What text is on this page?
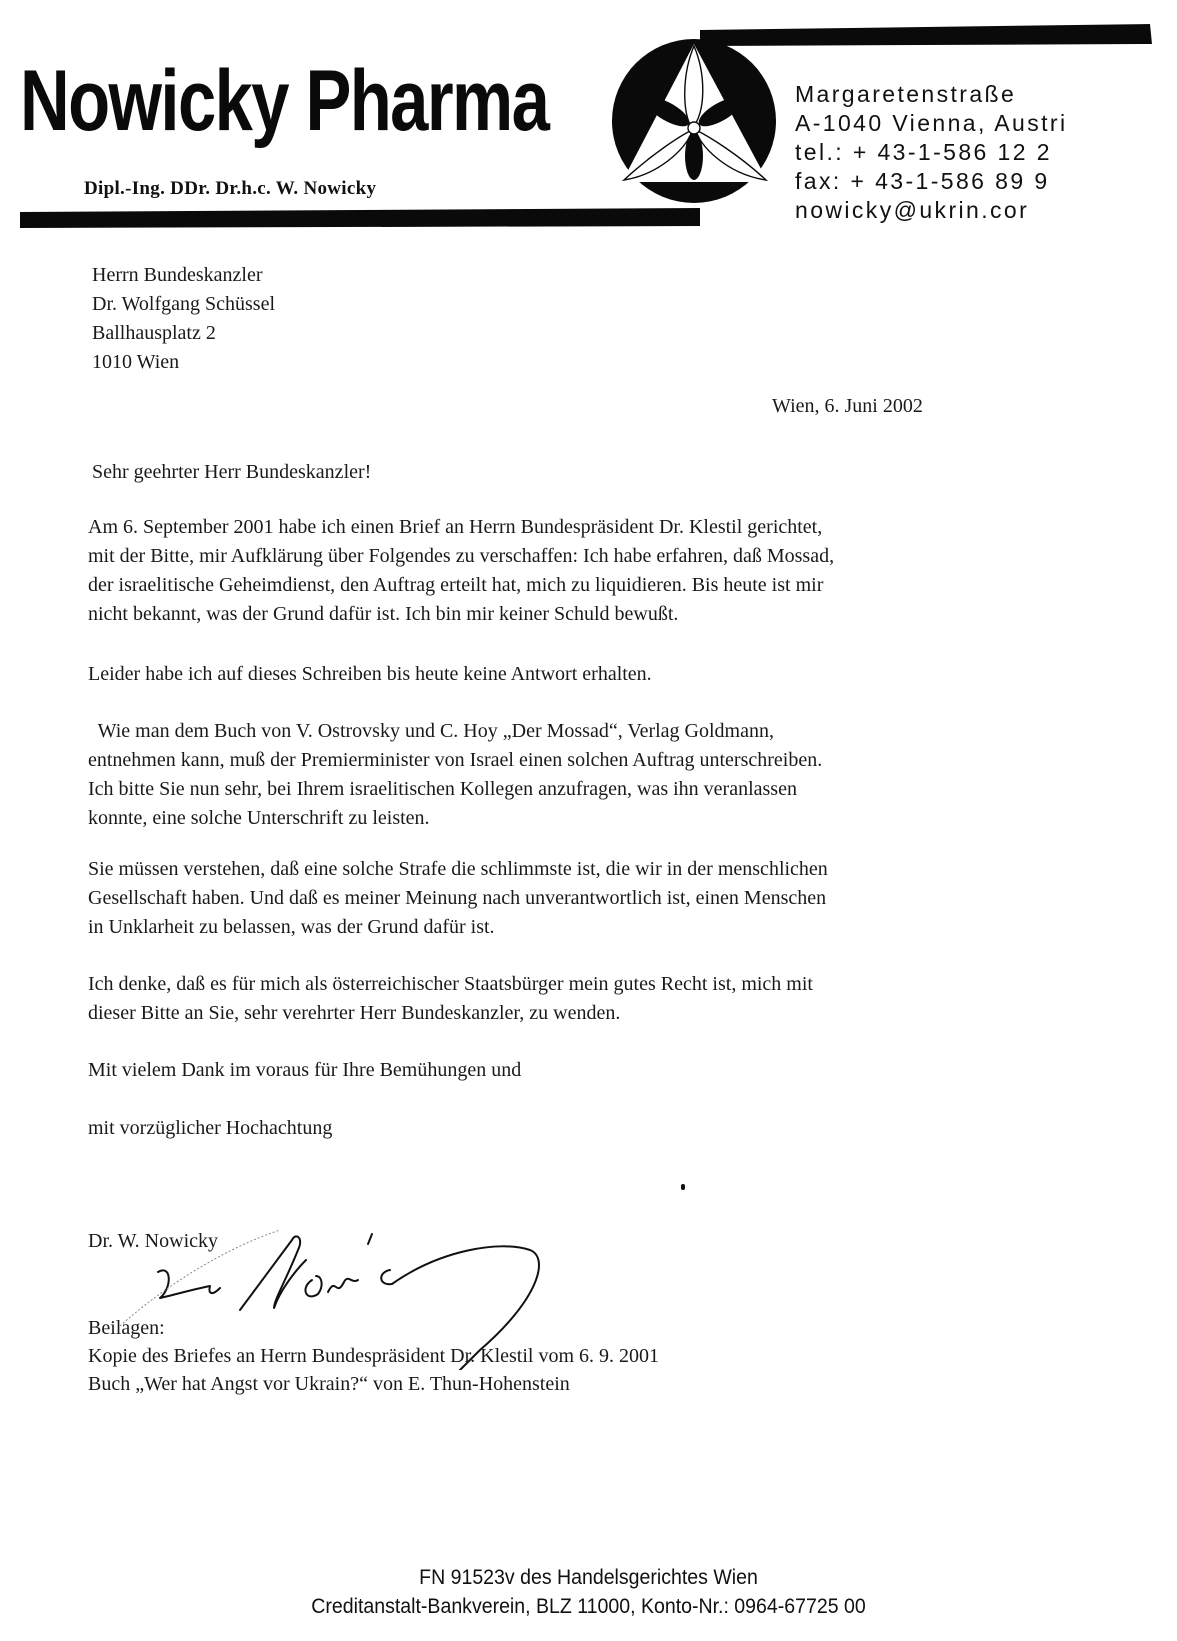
Nowicky Pharma
Dipl.-Ing. DDr. Dr.h.c. W. Nowicky
Margaretenstraße
A-1040 Vienna, Austri
tel.: + 43-1-586 12 2
fax: + 43-1-586 89 9
nowicky@ukrin.cor
Herrn Bundeskanzler
Dr. Wolfgang Schüssel
Ballhausplatz 2
1010 Wien
Wien, 6. Juni 2002
Sehr geehrter Herr Bundeskanzler!
Am 6. September 2001 habe ich einen Brief an Herrn Bundespräsident Dr. Klestil gerichtet,
mit der Bitte, mir Aufklärung über Folgendes zu verschaffen: Ich habe erfahren, daß Mossad,
der israelitische Geheimdienst, den Auftrag erteilt hat, mich zu liquidieren. Bis heute ist mir
nicht bekannt, was der Grund dafür ist. Ich bin mir keiner Schuld bewußt.
Leider habe ich auf dieses Schreiben bis heute keine Antwort erhalten.
Wie man dem Buch von V. Ostrovsky und C. Hoy „Der Mossad“, Verlag Goldmann,
entnehmen kann, muß der Premierminister von Israel einen solchen Auftrag unterschreiben.
Ich bitte Sie nun sehr, bei Ihrem israelitischen Kollegen anzufragen, was ihn veranlassen
konnte, eine solche Unterschrift zu leisten.
Sie müssen verstehen, daß eine solche Strafe die schlimmste ist, die wir in der menschlichen
Gesellschaft haben. Und daß es meiner Meinung nach unverantwortlich ist, einen Menschen
in Unklarheit zu belassen, was der Grund dafür ist.
Ich denke, daß es für mich als österreichischer Staatsbürger mein gutes Recht ist, mich mit
dieser Bitte an Sie, sehr verehrter Herr Bundeskanzler, zu wenden.
Mit vielem Dank im voraus für Ihre Bemühungen und
mit vorzüglicher Hochachtung
Dr. W. Nowicky
Beilagen:
Kopie des Briefes an Herrn Bundespräsident Dr. Klestil vom 6. 9. 2001
Buch „Wer hat Angst vor Ukrain?“ von E. Thun-Hohenstein
FN 91523v des Handelsgerichtes Wien
Creditanstalt-Bankverein, BLZ 11000, Konto-Nr.: 0964-67725 00
